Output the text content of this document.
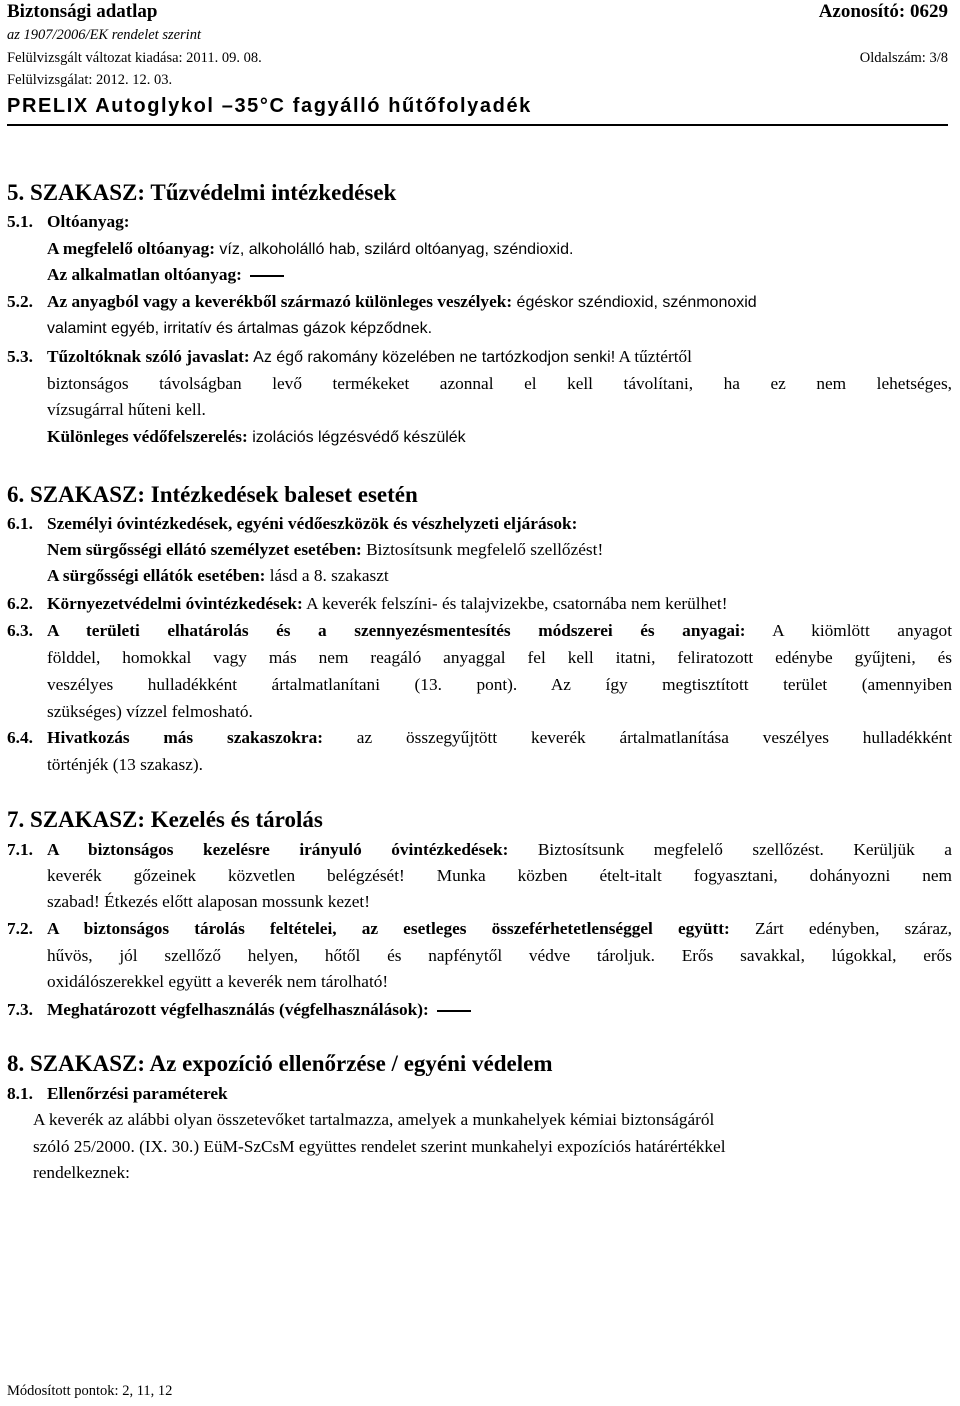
Biztonsági adatlap	Azonosító: 0629
az 1907/2006/EK rendelet szerint
Felülvizsgált változat kiadása: 2011. 09. 08.	Oldalszám: 3/8
Felülvizsgálat: 2012. 12. 03.
PRELIX Autoglykol –35°C fagyálló hűtőfolyadék
5. SZAKASZ: Tűzvédelmi intézkedések
5.1. Oltóanyag:
A megfelelő oltóanyag: víz, alkoholálló hab, szilárd oltóanyag, széndioxid.
Az alkalmatlan oltóanyag:
5.2. Az anyagból vagy a keverékből származó különleges veszélyek: égéskor széndioxid, szénmonoxid
valamint egyéb, irritatív és ártalmas gázok képződnek.
5.3. Tűzoltóknak szóló javaslat: Az égő rakomány közelében ne tartózkodjon senki! A tűztértől
biztonságos távolságban levő termékeket azonnal el kell távolítani, ha ez nem lehetséges,
vízsugárral hűteni kell.
Különleges védőfelszerelés: izolációs légzésvédő készülék
6. SZAKASZ: Intézkedések baleset esetén
6.1. Személyi óvintézkedések, egyéni védőeszközök és vészhelyzeti eljárások:
Nem sürgősségi ellátó személyzet esetében: Biztosítsunk megfelelő szellőzést!
A sürgősségi ellátók esetében: lásd a 8. szakaszt
6.2. Környezetvédelmi óvintézkedések: A keverék felszíni- és talajvizekbe, csatornába nem kerülhet!
6.3. A területi elhatárolás és a szennyezésmentesítés módszerei és anyagai: A kiömlött anyagot
földdel, homokkal vagy más nem reagáló anyaggal fel kell itatni, feliratozott edénybe gyűjteni, és
veszélyes hulladékként ártalmatlanítani (13. pont). Az így megtisztított terület (amennyiben
szükséges) vízzel felmosható.
6.4. Hivatkozás más szakaszokra: az összegyűjtött keverék ártalmatlanítása veszélyes hulladékként
történjék (13 szakasz).
7. SZAKASZ: Kezelés és tárolás
7.1. A biztonságos kezelésre irányuló óvintézkedések: Biztosítsunk megfelelő szellőzést. Kerüljük a
keverék gőzeinek közvetlen belégzését! Munka közben ételt-italt fogyasztani, dohányozni nem
szabad! Étkezés előtt alaposan mossunk kezet!
7.2. A biztonságos tárolás feltételei, az esetleges összeférhetetlenséggel együtt: Zárt edényben, száraz,
hűvös, jól szellőző helyen, hőtől és napfénytől védve tároljuk. Erős savakkal, lúgokkal, erős
oxidálószerekkel együtt a keverék nem tárolható!
7.3. Meghatározott végfelhasználás (végfelhasználások):
8. SZAKASZ: Az expozíció ellenőrzése / egyéni védelem
8.1. Ellenőrzési paraméterek
A keverék az alábbi olyan összetevőket tartalmazza, amelyek a munkahelyek kémiai biztonságáról
szóló 25/2000. (IX. 30.) EüM-SzCsM együttes rendelet szerint munkahelyi expozíciós határértékkel
rendelkeznek:
Módosított pontok: 2, 11, 12
